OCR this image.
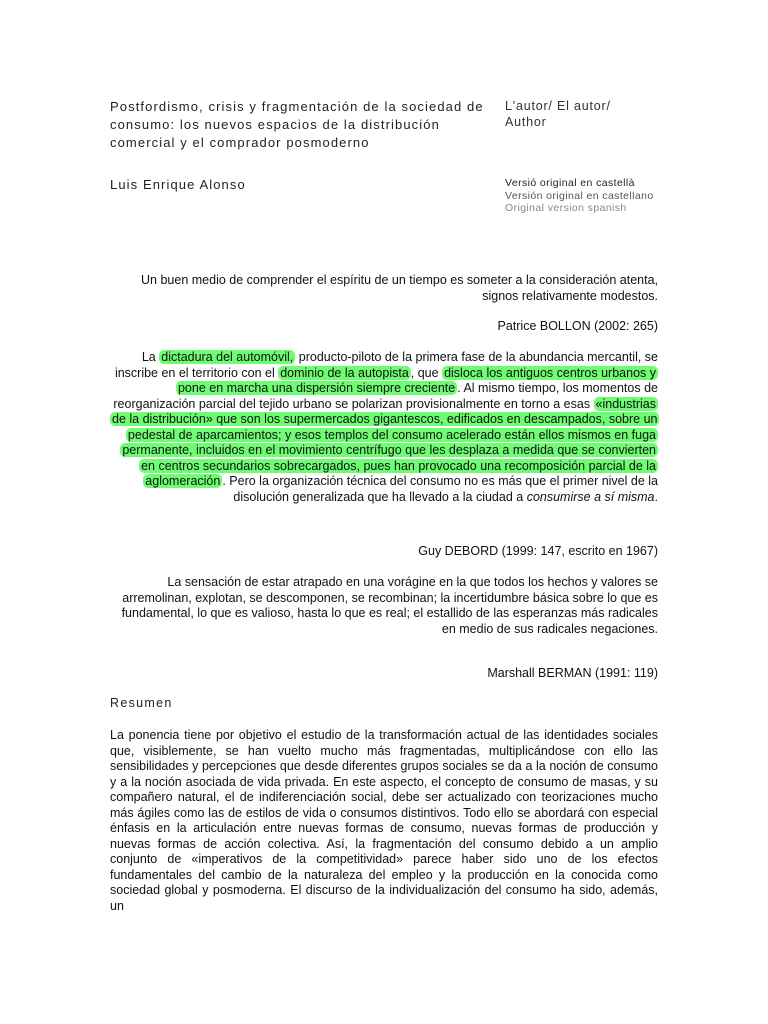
Postfordismo, crisis y fragmentación de la sociedad de consumo: los nuevos espacios de la distribución comercial y el comprador posmoderno
L'autor/ El autor/ Author
Luis Enrique Alonso	Versió original en castellà
Versión original en castellano
Original version spanish
Un buen medio de comprender el espíritu de un tiempo es someter a la consideración atenta, signos relativamente modestos.
Patrice BOLLON (2002: 265)
La dictadura del automóvil, producto-piloto de la primera fase de la abundancia mercantil, se inscribe en el territorio con el dominio de la autopista , que disloca los antiguos centros urbanos y pone en marcha una dispersión siempre creciente . Al mismo tiempo, los momentos de reorganización parcial del tejido urbano se polarizan provisionalmente en torno a esas «industrias de la distribución» que son los supermercados gigantescos, edificados en descampados, sobre un pedestal de aparcamientos; y esos templos del consumo acelerado están ellos mismos en fuga permanente, incluidos en el movimiento centrífugo que les desplaza a medida que se convierten en centros secundarios sobrecargados, pues han provocado una recomposición parcial de la aglomeración . Pero la organización técnica del consumo no es más que el primer nivel de la disolución generalizada que ha llevado a la ciudad a consumirse a sí misma.
Guy DEBORD (1999: 147, escrito en 1967)
La sensación de estar atrapado en una vorágine en la que todos los hechos y valores se arremolinan, explotan, se descomponen, se recombinan; la incertidumbre básica sobre lo que es fundamental, lo que es valioso, hasta lo que es real; el estallido de las esperanzas más radicales en medio de sus radicales negaciones.
Marshall BERMAN (1991: 119)
Resumen
La ponencia tiene por objetivo el estudio de la transformación actual de las identidades sociales que, visiblemente, se han vuelto mucho más fragmentadas, multiplicándose con ello las sensibilidades y percepciones que desde diferentes grupos sociales se da a la noción de consumo y a la noción asociada de vida privada. En este aspecto, el concepto de consumo de masas, y su compañero natural, el de indiferenciación social, debe ser actualizado con teorizaciones mucho más ágiles como las de estilos de vida o consumos distintivos. Todo ello se abordará con especial énfasis en la articulación entre nuevas formas de consumo, nuevas formas de producción y nuevas formas de acción colectiva. Así, la fragmentación del consumo debido a un amplio conjunto de «imperativos de la competitividad» parece haber sido uno de los efectos fundamentales del cambio de la naturaleza del empleo y la producción en la conocida como sociedad global y posmoderna. El discurso de la individualización del consumo ha sido, además, un
